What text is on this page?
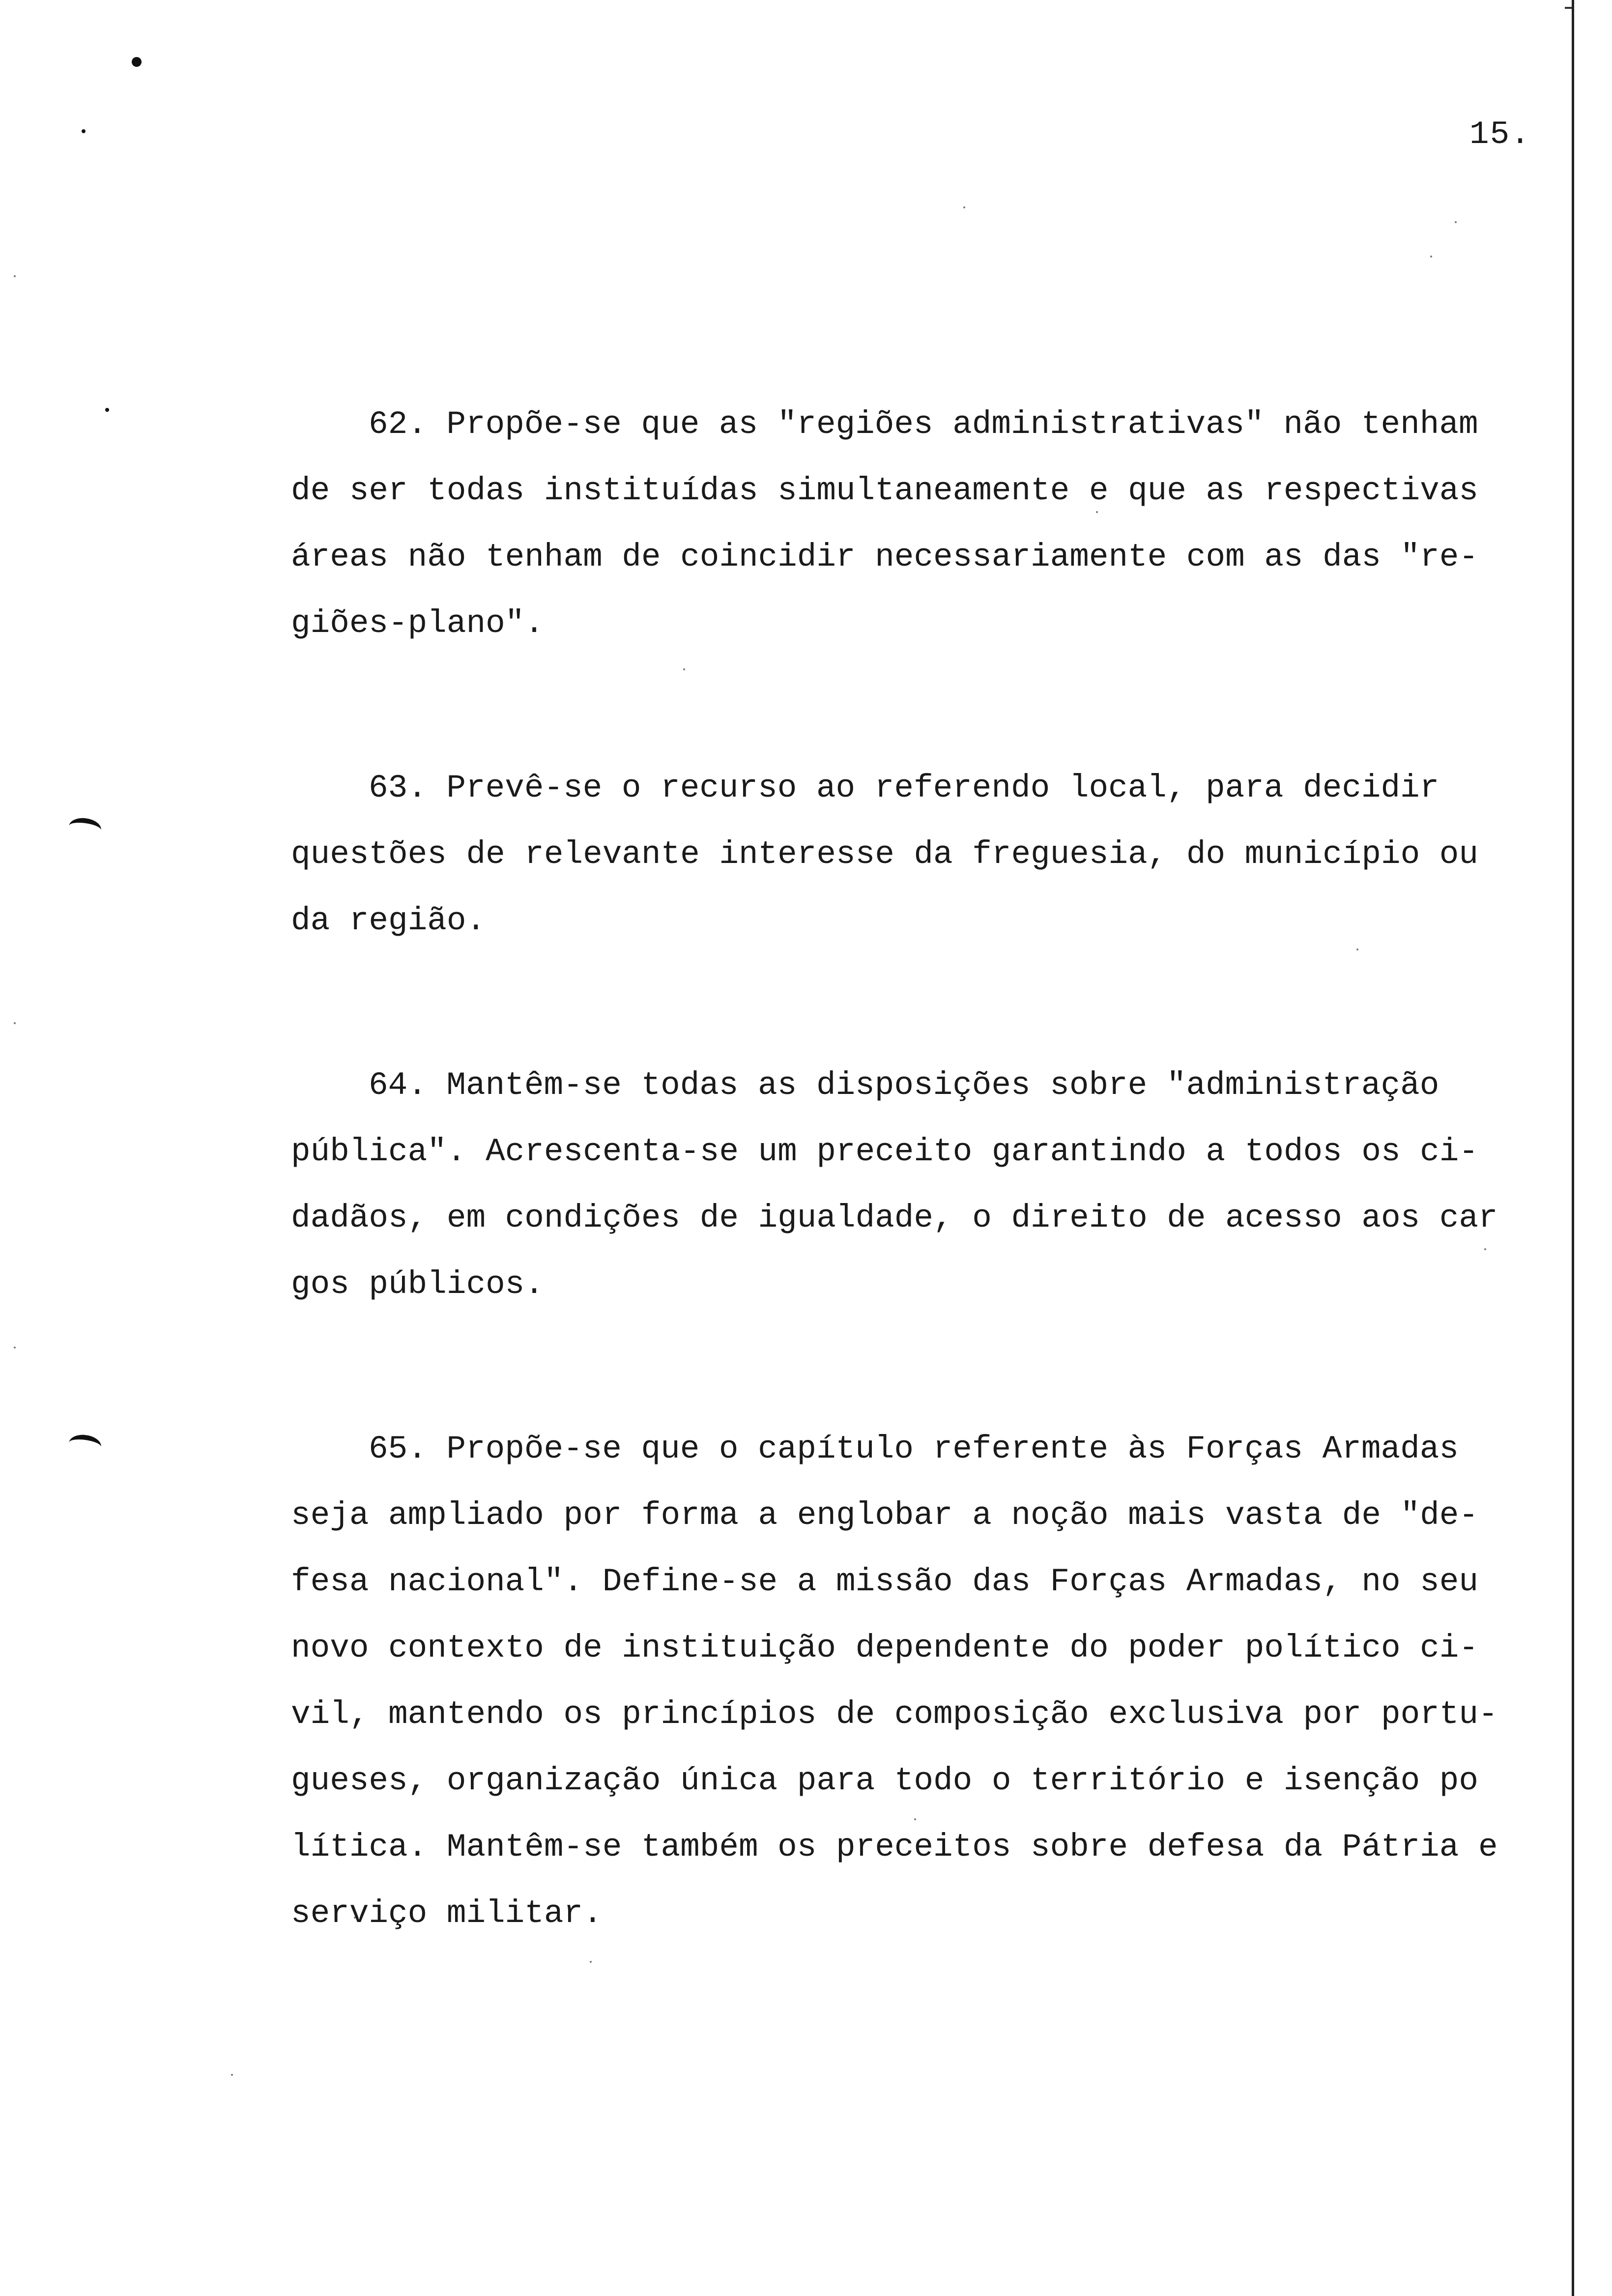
15.
62. Propõe-se que as "regiões administrativas" não tenham
de ser todas instituídas simultaneamente e que as respectivas
áreas não tenham de coincidir necessariamente com as das "re-
giões-plano".
63. Prevê-se o recurso ao referendo local, para decidir
questões de relevante interesse da freguesia, do município ou
da região.
64. Mantêm-se todas as disposições sobre "administração
pública". Acrescenta-se um preceito garantindo a todos os ci-
dadãos, em condições de igualdade, o direito de acesso aos car
gos públicos.
65. Propõe-se que o capítulo referente às Forças Armadas
seja ampliado por forma a englobar a noção mais vasta de "de-
fesa nacional". Define-se a missão das Forças Armadas, no seu
novo contexto de instituição dependente do poder político ci-
vil, mantendo os princípios de composição exclusiva por portu-
gueses, organização única para todo o território e isenção po
lítica. Mantêm-se também os preceitos sobre defesa da Pátria e
serviço militar.
